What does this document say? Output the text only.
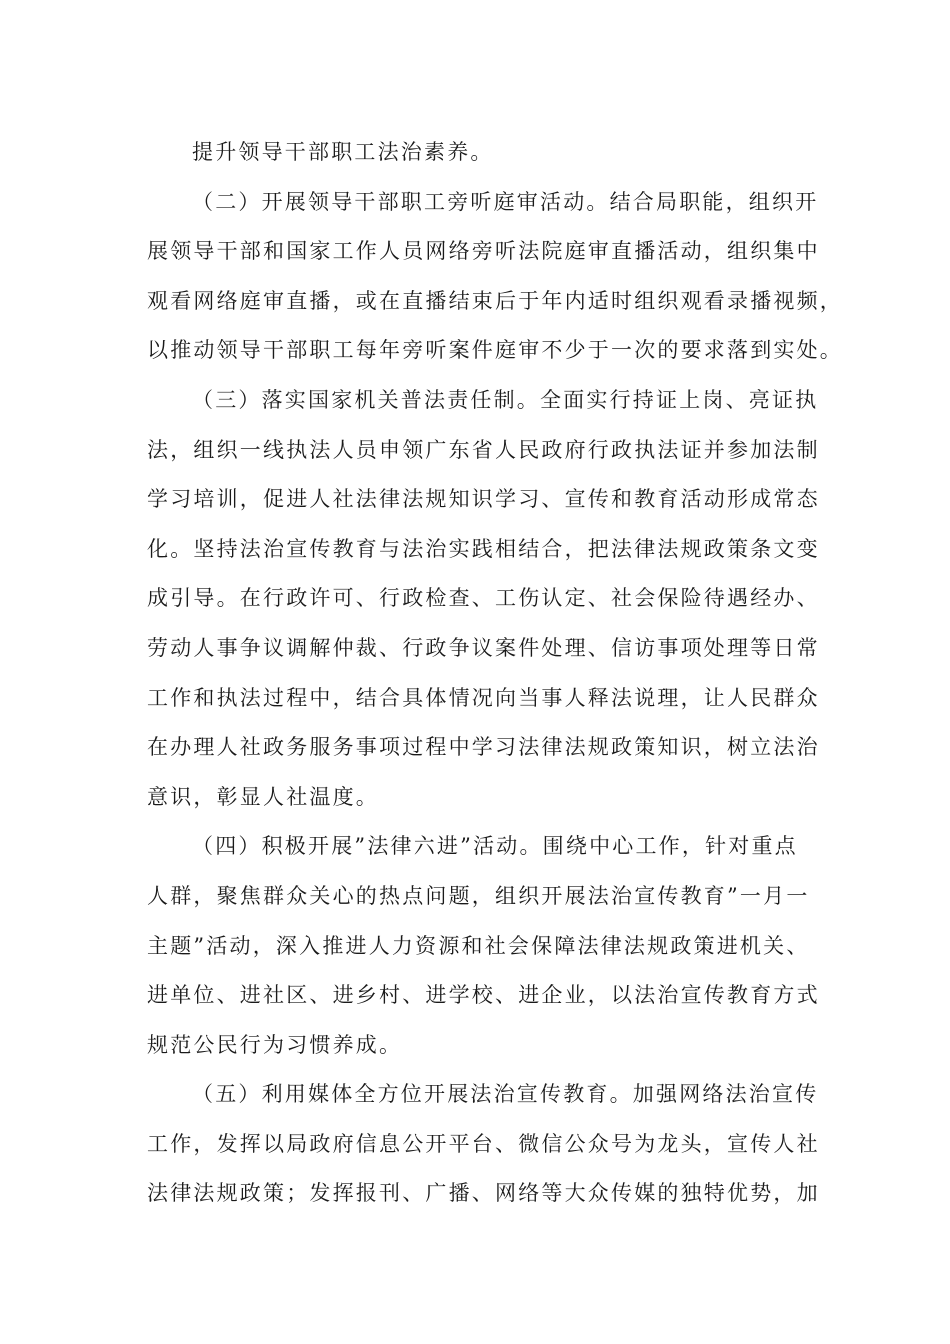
提升领导干部职工法治素养。
（二）开展领导干部职工旁听庭审活动。结合局职能，组织开
展领导干部和国家工作人员网络旁听法院庭审直播活动，组织集中
观看网络庭审直播，或在直播结束后于年内适时组织观看录播视频，
以推动领导干部职工每年旁听案件庭审不少于一次的要求落到实处。
（三）落实国家机关普法责任制。全面实行持证上岗、亮证执
法，组织一线执法人员申领广东省人民政府行政执法证并参加法制
学习培训，促进人社法律法规知识学习、宣传和教育活动形成常态
化。坚持法治宣传教育与法治实践相结合，把法律法规政策条文变
成引导。在行政许可、行政检查、工伤认定、社会保险待遇经办、
劳动人事争议调解仲裁、行政争议案件处理、信访事项处理等日常
工作和执法过程中，结合具体情况向当事人释法说理，让人民群众
在办理人社政务服务事项过程中学习法律法规政策知识，树立法治
意识，彰显人社温度。
（四）积极开展”法律六进”活动。围绕中心工作，针对重点
人群，聚焦群众关心的热点问题，组织开展法治宣传教育”一月一
主题”活动，深入推进人力资源和社会保障法律法规政策进机关、
进单位、进社区、进乡村、进学校、进企业，以法治宣传教育方式
规范公民行为习惯养成。
（五）利用媒体全方位开展法治宣传教育。加强网络法治宣传
工作，发挥以局政府信息公开平台、微信公众号为龙头，宣传人社
法律法规政策；发挥报刊、广播、网络等大众传媒的独特优势，加
